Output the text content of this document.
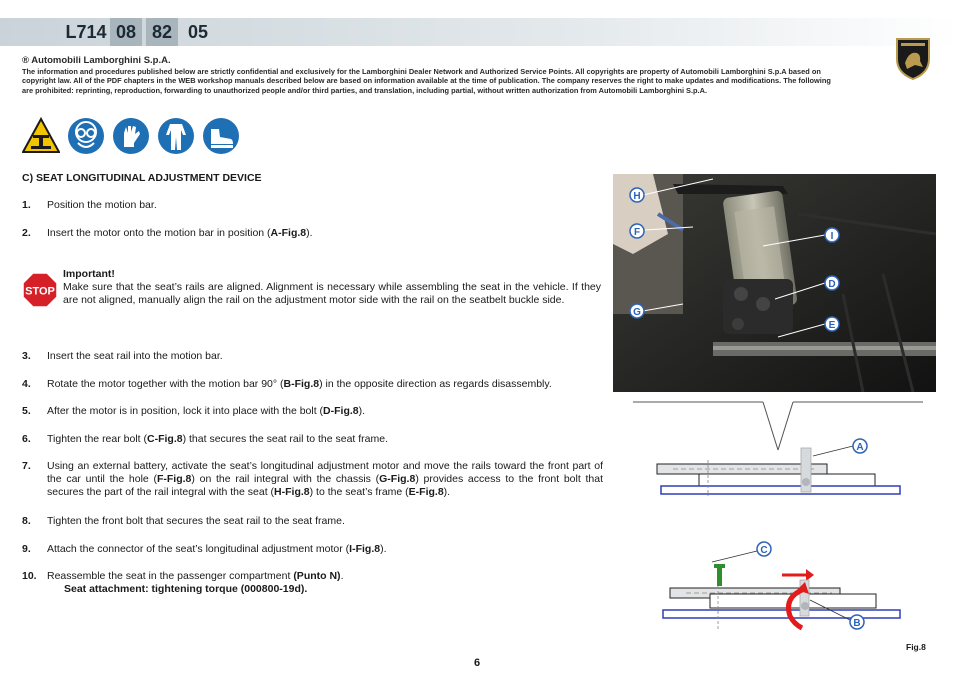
L714 08 82 05
® Automobili Lamborghini S.p.A.
The information and procedures published below are strictly confidential and exclusively for the Lamborghini Dealer Network and Authorized Service Points. All copyrights are property of Automobili Lamborghini S.p.A based on copyright law. All of the PDF chapters in the WEB workshop manuals described below are based on information available at the time of publication. The company reserves the right to make updates and modifications. The following are prohibited: reprinting, reproduction, forwarding to unauthorized people and/or third parties, and translation, including partial, without written authorization from Automobili Lamborghini S.p.A.
C) SEAT LONGITUDINAL ADJUSTMENT DEVICE
1.	Position the motion bar.
2.	Insert the motor onto the motion bar in position (A-Fig.8).
STOP
Important!
Make sure that the seat’s rails are aligned. Alignment is necessary while assembling the seat in the vehicle. If they are not aligned, manually align the rail on the adjustment motor side with the rail on the seatbelt buckle side.
3.	Insert the seat rail into the motion bar.
4.	Rotate the motor together with the motion bar 90° (B-Fig.8) in the opposite direction as regards disassembly.
5.	After the motor is in position, lock it into place with the bolt (D-Fig.8).
6.	Tighten the rear bolt (C-Fig.8) that secures the seat rail to the seat frame.
7.	Using an external battery, activate the seat’s longitudinal adjustment motor and move the rails toward the front part of the car until the hole (F-Fig.8) on the rail integral with the chassis (G-Fig.8) provides access to the front bolt that secures the part of the rail integral with the seat (H-Fig.8) to the seat’s frame (E-Fig.8).
8.	Tighten the front bolt that secures the seat rail to the seat frame.
9.	Attach the connector of the seat’s longitudinal adjustment motor (I-Fig.8).
10. Reassemble the seat in the passenger compartment (Punto N).
Seat attachment: tightening torque (000800-19d).
H
F	I
D
G
E
A
C
B
Fig.8
6
